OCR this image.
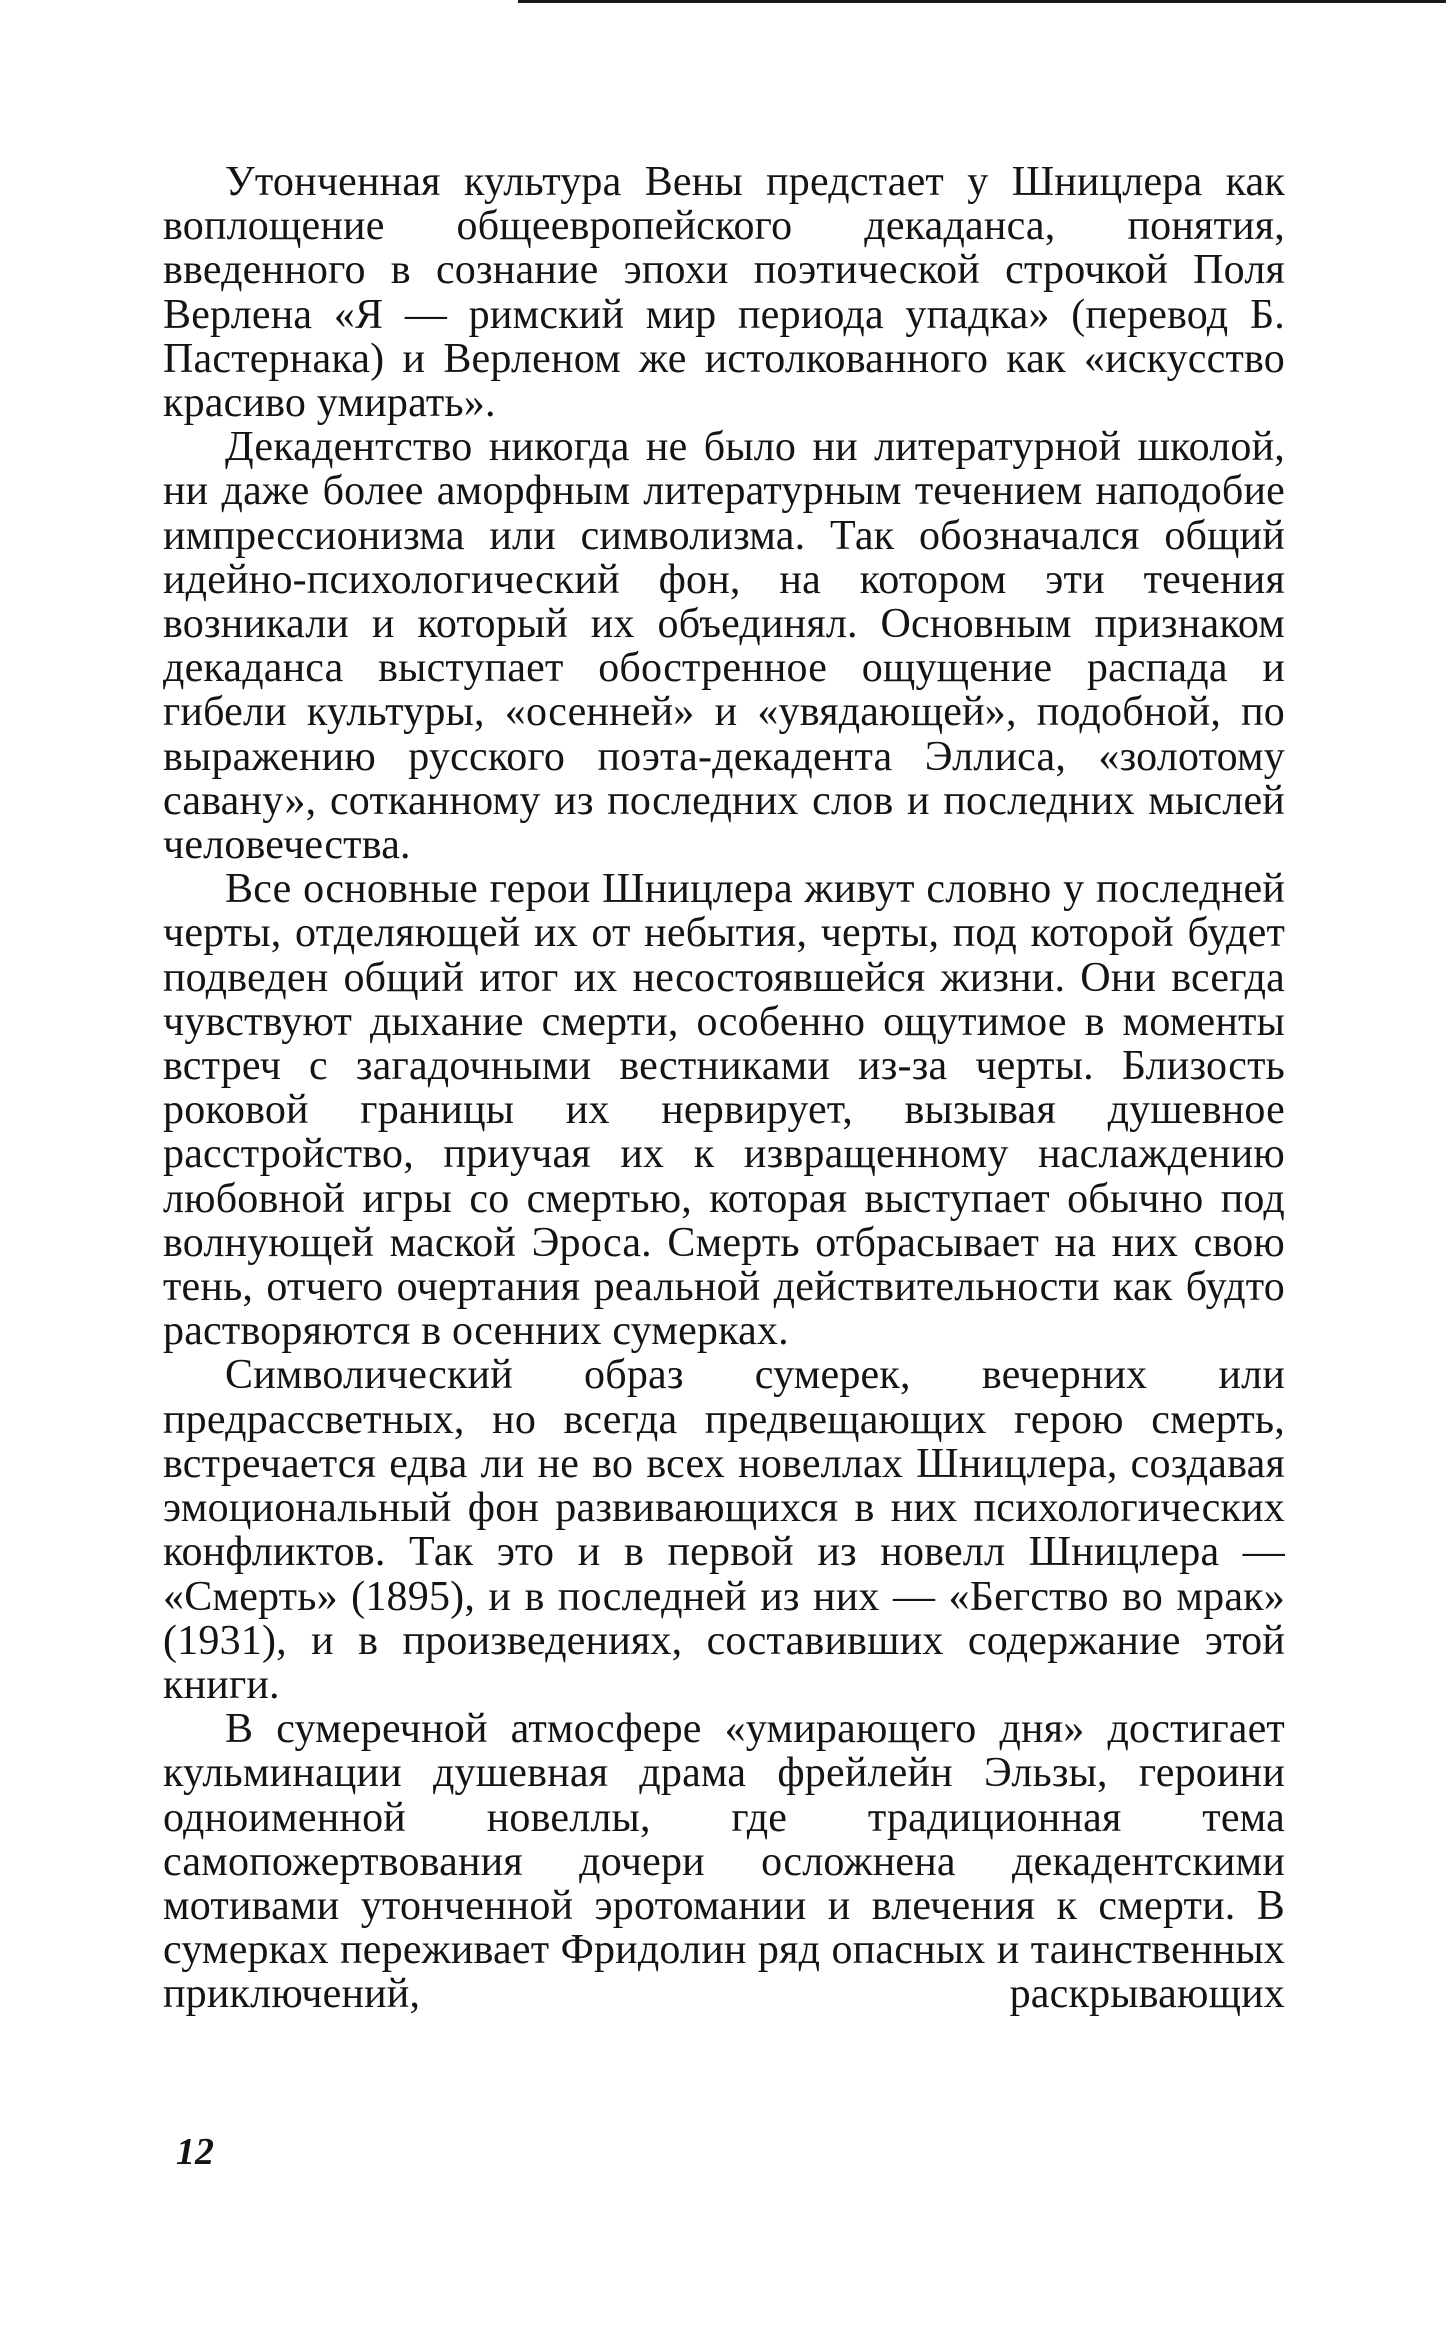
Утонченная культура Вены предстает у Шницлера как воплощение общеевропейского декаданса, понятия, введенного в сознание эпохи поэтической строчкой Поля Верлена «Я — римский мир периода упадка» (перевод Б. Пастернака) и Верленом же истолкованного как «искусство красиво умирать».

Декадентство никогда не было ни литературной школой, ни даже более аморфным литературным течением наподобие импрессионизма или символизма. Так обозначался общий идейно-психологический фон, на котором эти течения возникали и который их объединял. Основным признаком декаданса выступает обостренное ощущение распада и гибели культуры, «осенней» и «увядающей», подобной, по выражению русского поэта-декадента Эллиса, «золотому савану», сотканному из последних слов и последних мыслей человечества.

Все основные герои Шницлера живут словно у последней черты, отделяющей их от небытия, черты, под которой будет подведен общий итог их несостоявшейся жизни. Они всегда чувствуют дыхание смерти, особенно ощутимое в моменты встреч с загадочными вестниками из-за черты. Близость роковой границы их нервирует, вызывая душевное расстройство, приучая их к извращенному наслаждению любовной игры со смертью, которая выступает обычно под волнующей маской Эроса. Смерть отбрасывает на них свою тень, отчего очертания реальной действительности как будто растворяются в осенних сумерках.

Символический образ сумерек, вечерних или предрассветных, но всегда предвещающих герою смерть, встречается едва ли не во всех новеллах Шницлера, создавая эмоциональный фон развивающихся в них психологических конфликтов. Так это и в первой из новелл Шницлера — «Смерть» (1895), и в последней из них — «Бегство во мрак» (1931), и в произведениях, составивших содержание этой книги.

В сумеречной атмосфере «умирающего дня» достигает кульминации душевная драма фрейлейн Эльзы, героини одноименной новеллы, где традиционная тема самопожертвования дочери осложнена декадентскими мотивами утонченной эротомании и влечения к смерти. В сумерках переживает Фридолин ряд опасных и таинственных приключений, раскрывающих

12
